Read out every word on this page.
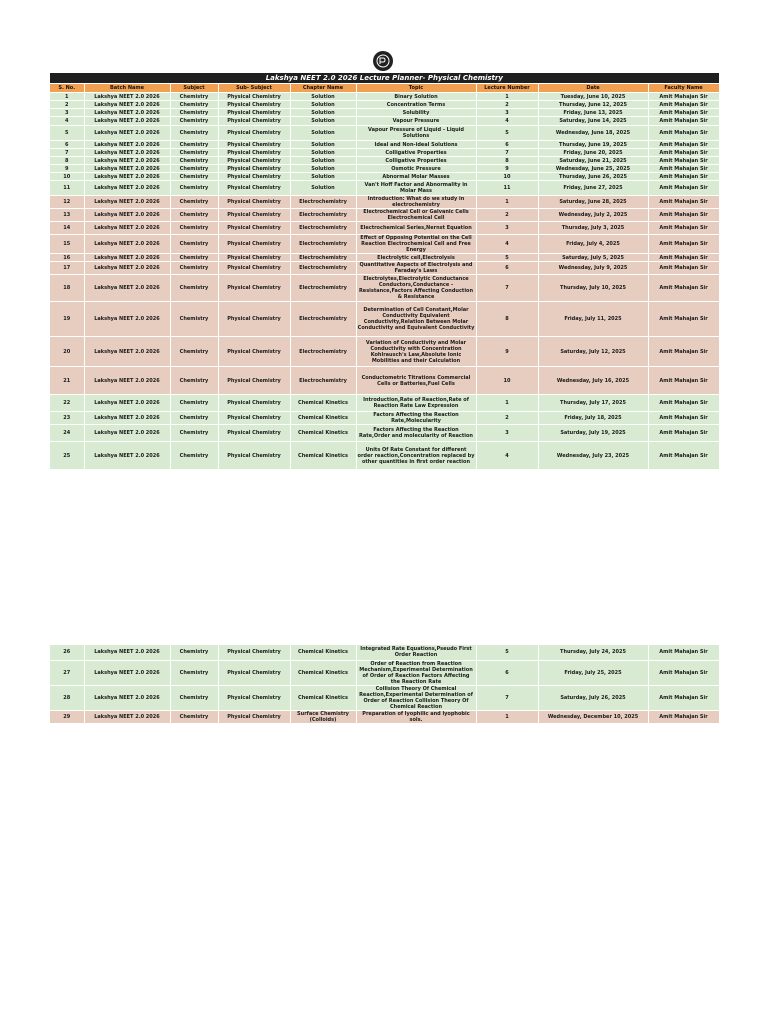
Lakshya NEET 2.0 2026 Lecture Planner- Physical Chemistry								
S. No.	Batch Name	Subject	Sub- Subject	Chapter Name	Topic	Lecture Number	Date	Faculty Name
1	Lakshya NEET 2.0 2026	Chemistry	Physical Chemistry	Solution	Binary Solution	1	Tuesday, June 10, 2025	Amit Mahajan Sir
2	Lakshya NEET 2.0 2026	Chemistry	Physical Chemistry	Solution	Concentration Terms	2	Thursday, June 12, 2025	Amit Mahajan Sir
3	Lakshya NEET 2.0 2026	Chemistry	Physical Chemistry	Solution	Solubility	3	Friday, June 13, 2025	Amit Mahajan Sir
4	Lakshya NEET 2.0 2026	Chemistry	Physical Chemistry	Solution	Vapour Pressure	4	Saturday, June 14, 2025	Amit Mahajan Sir
5	Lakshya NEET 2.0 2026	Chemistry	Physical Chemistry	Solution	Vapour Pressure of Liquid - Liquid Solutions	5	Wednesday, June 18, 2025	Amit Mahajan Sir
6	Lakshya NEET 2.0 2026	Chemistry	Physical Chemistry	Solution	Ideal and Non-ideal Solutions	6	Thursday, June 19, 2025	Amit Mahajan Sir
7	Lakshya NEET 2.0 2026	Chemistry	Physical Chemistry	Solution	Colligative Properties	7	Friday, June 20, 2025	Amit Mahajan Sir
8	Lakshya NEET 2.0 2026	Chemistry	Physical Chemistry	Solution	Colligative Properties	8	Saturday, June 21, 2025	Amit Mahajan Sir
9	Lakshya NEET 2.0 2026	Chemistry	Physical Chemistry	Solution	Osmotic Pressure	9	Wednesday, June 25, 2025	Amit Mahajan Sir
10	Lakshya NEET 2.0 2026	Chemistry	Physical Chemistry	Solution	Abnormal Molar Masses	10	Thursday, June 26, 2025	Amit Mahajan Sir
11	Lakshya NEET 2.0 2026	Chemistry	Physical Chemistry	Solution	Van't Hoff Factor and Abnormality in Molar Mass	11	Friday, June 27, 2025	Amit Mahajan Sir
12	Lakshya NEET 2.0 2026	Chemistry	Physical Chemistry	Electrochemistry	Introduction: What do we study in electrochemistry	1	Saturday, June 28, 2025	Amit Mahajan Sir
13	Lakshya NEET 2.0 2026	Chemistry	Physical Chemistry	Electrochemistry	Electrochemical Cell or Galvanic Cells Electrochemical Cell	2	Wednesday, July 2, 2025	Amit Mahajan Sir
14	Lakshya NEET 2.0 2026	Chemistry	Physical Chemistry	Electrochemistry	Electrochemical Series,Nernst Equation	3	Thursday, July 3, 2025	Amit Mahajan Sir
15	Lakshya NEET 2.0 2026	Chemistry	Physical Chemistry	Electrochemistry	Effect of Opposing Potential on the Cell Reaction Electrochemical Cell and Free Energy	4	Friday, July 4, 2025	Amit Mahajan Sir
16	Lakshya NEET 2.0 2026	Chemistry	Physical Chemistry	Electrochemistry	Electrolytic cell,Electrolysis	5	Saturday, July 5, 2025	Amit Mahajan Sir
17	Lakshya NEET 2.0 2026	Chemistry	Physical Chemistry	Electrochemistry	Quantitative Aspects of Electrolysis and Faraday's Laws	6	Wednesday, July 9, 2025	Amit Mahajan Sir
18	Lakshya NEET 2.0 2026	Chemistry	Physical Chemistry	Electrochemistry	Electrolytes,Electrolytic Conductance Conductors,Conductance - Resistance,Factors Affecting Conduction & Resistance	7	Thursday, July 10, 2025	Amit Mahajan Sir
19	Lakshya NEET 2.0 2026	Chemistry	Physical Chemistry	Electrochemistry	Determination of Cell Constant,Molar Conductivity Equivalent Conductivity,Relation Between Molar Conductivity and Equivalent Conductivity	8	Friday, July 11, 2025	Amit Mahajan Sir
20	Lakshya NEET 2.0 2026	Chemistry	Physical Chemistry	Electrochemistry	Variation of Conductivity and Molar Conductivity with Concentration Kohlrausch's Law,Absolute Ionic Mobilities and their Calculation	9	Saturday, July 12, 2025	Amit Mahajan Sir
21	Lakshya NEET 2.0 2026	Chemistry	Physical Chemistry	Electrochemistry	Conductometric Titrations Commercial Cells or Batteries,Fuel Cells	10	Wednesday, July 16, 2025	Amit Mahajan Sir
22	Lakshya NEET 2.0 2026	Chemistry	Physical Chemistry	Chemical Kinetics	Introduction,Rate of Reaction,Rate of Reaction Rate Law Expression	1	Thursday, July 17, 2025	Amit Mahajan Sir
23	Lakshya NEET 2.0 2026	Chemistry	Physical Chemistry	Chemical Kinetics	Factors Affecting the Reaction Rate,Molecularity	2	Friday, July 18, 2025	Amit Mahajan Sir
24	Lakshya NEET 2.0 2026	Chemistry	Physical Chemistry	Chemical Kinetics	Factors Affecting the Reaction Rate,Order and molecularity of Reaction	3	Saturday, July 19, 2025	Amit Mahajan Sir
25	Lakshya NEET 2.0 2026	Chemistry	Physical Chemistry	Chemical Kinetics	Units Of Rate Constant for different order reaction,Concentration replaced by other quantities in first order reaction	4	Wednesday, July 23, 2025	Amit Mahajan Sir
26	Lakshya NEET 2.0 2026	Chemistry	Physical Chemistry	Chemical Kinetics	Integrated Rate Equations,Pseudo First Order Reaction	5	Thursday, July 24, 2025	Amit Mahajan Sir
27	Lakshya NEET 2.0 2026	Chemistry	Physical Chemistry	Chemical Kinetics	Order of Reaction from Reaction Mechanism,Experimental Determination of Order of Reaction Factors Affecting the Reaction Rate	6	Friday, July 25, 2025	Amit Mahajan Sir
28	Lakshya NEET 2.0 2026	Chemistry	Physical Chemistry	Chemical Kinetics	Collision Theory Of Chemical Reaction,Experimental Determination of Order of Reaction Collision Theory Of Chemical Reaction	7	Saturday, July 26, 2025	Amit Mahajan Sir
29	Lakshya NEET 2.0 2026	Chemistry	Physical Chemistry	Surface Chemistry (Colloids)	Preparation of lyophilic and lyophobic sols.	1	Wednesday, December 10, 2025	Amit Mahajan Sir
